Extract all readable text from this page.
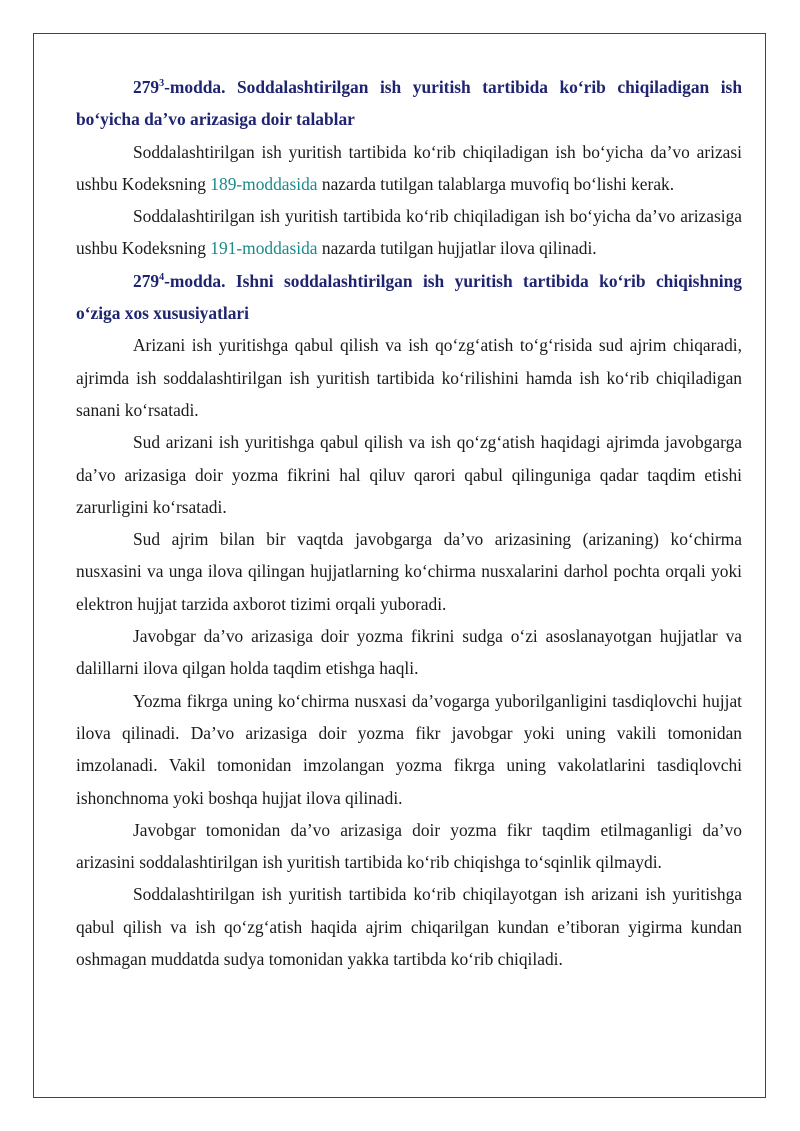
$279^3$-modda. Soddalashtirilgan ish yuritish tartibida ko‘rib chiqiladigan ish bo‘yicha da’vo arizasiga doir talablar

Soddalashtirilgan ish yuritish tartibida ko‘rib chiqiladigan ish bo‘yicha da’vo arizasi ushbu Kodeksning 189-moddasida nazarda tutilgan talablarga muvofiq bo‘lishi kerak.

Soddalashtirilgan ish yuritish tartibida ko‘rib chiqiladigan ish bo‘yicha da’vo arizasiga ushbu Kodeksning 191-moddasida nazarda tutilgan hujjatlar ilova qilinadi.

$279^4$-modda. Ishni soddalashtirilgan ish yuritish tartibida ko‘rib chiqishning o‘ziga xos xususiyatlari

Arizani ish yuritishga qabul qilish va ish qo‘zg‘atish to‘g‘risida sud ajrim chiqaradi, ajrimda ish soddalashtirilgan ish yuritish tartibida ko‘rilishini hamda ish ko‘rib chiqiladigan sanani ko‘rsatadi.

Sud arizani ish yuritishga qabul qilish va ish qo‘zg‘atish haqidagi ajrimda javobgarga da’vo arizasiga doir yozma fikrini hal qiluv qarori qabul qilinguniga qadar taqdim etishi zarurligini ko‘rsatadi.

Sud ajrim bilan bir vaqtda javobgarga da’vo arizasining (arizaning) ko‘chirma nusxasini va unga ilova qilingan hujjatlarning ko‘chirma nusxalarini darhol pochta orqali yoki elektron hujjat tarzida axborot tizimi orqali yuboradi.

Javobgar da’vo arizasiga doir yozma fikrini sudga o‘zi asoslanayotgan hujjatlar va dalillarni ilova qilgan holda taqdim etishga haqli.

Yozma fikrga uning ko‘chirma nusxasi da’vogarga yuborilganligini tasdiqlovchi hujjat ilova qilinadi. Da’vo arizasiga doir yozma fikr javobgar yoki uning vakili tomonidan imzolanadi. Vakil tomonidan imzolangan yozma fikrga uning vakolatlarini tasdiqlovchi ishonchnoma yoki boshqa hujjat ilova qilinadi.

Javobgar tomonidan da’vo arizasiga doir yozma fikr taqdim etilmaganligi da’vo arizasini soddalashtirilgan ish yuritish tartibida ko‘rib chiqishga to‘sqinlik qilmaydi.

Soddalashtirilgan ish yuritish tartibida ko‘rib chiqilayotgan ish arizani ish yuritishga qabul qilish va ish qo‘zg‘atish haqida ajrim chiqarilgan kundan e’tiboran yigirma kundan oshmagan muddatda sudya tomonidan yakka tartibda ko‘rib chiqiladi.
